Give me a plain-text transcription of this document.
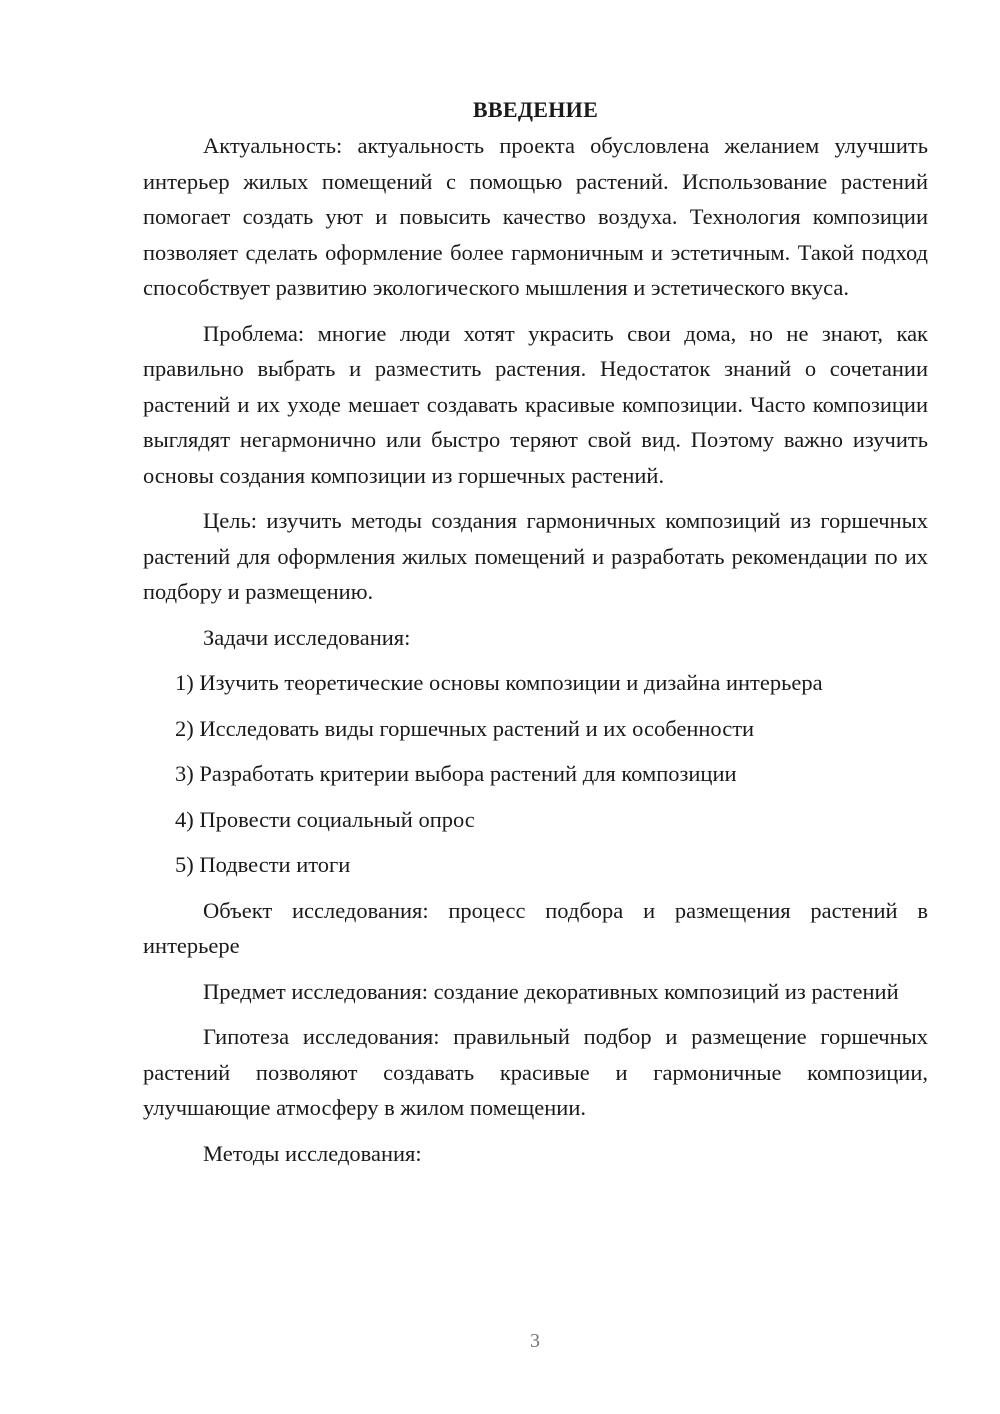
ВВЕДЕНИЕ

Актуальность: актуальность проекта обусловлена желанием улучшить интерьер жилых помещений с помощью растений. Использование растений помогает создать уют и повысить качество воздуха. Технология композиции позволяет сделать оформление более гармоничным и эстетичным. Такой подход способствует развитию экологического мышления и эстетического вкуса.

Проблема: многие люди хотят украсить свои дома, но не знают, как правильно выбрать и разместить растения. Недостаток знаний о сочетании растений и их уходе мешает создавать красивые композиции. Часто композиции выглядят негармонично или быстро теряют свой вид. Поэтому важно изучить основы создания композиции из горшечных растений.

Цель: изучить методы создания гармоничных композиций из горшечных растений для оформления жилых помещений и разработать рекомендации по их подбору и размещению.

Задачи исследования:

1) Изучить теоретические основы композиции и дизайна интерьера
2) Исследовать виды горшечных растений и их особенности
3) Разработать критерии выбора растений для композиции
4) Провести социальный опрос
5) Подвести итоги

Объект исследования: процесс подбора и размещения растений в интерьере

Предмет исследования: создание декоративных композиций из растений

Гипотеза исследования: правильный подбор и размещение горшечных растений позволяют создавать красивые и гармоничные композиции, улучшающие атмосферу в жилом помещении.

Методы исследования:

3
